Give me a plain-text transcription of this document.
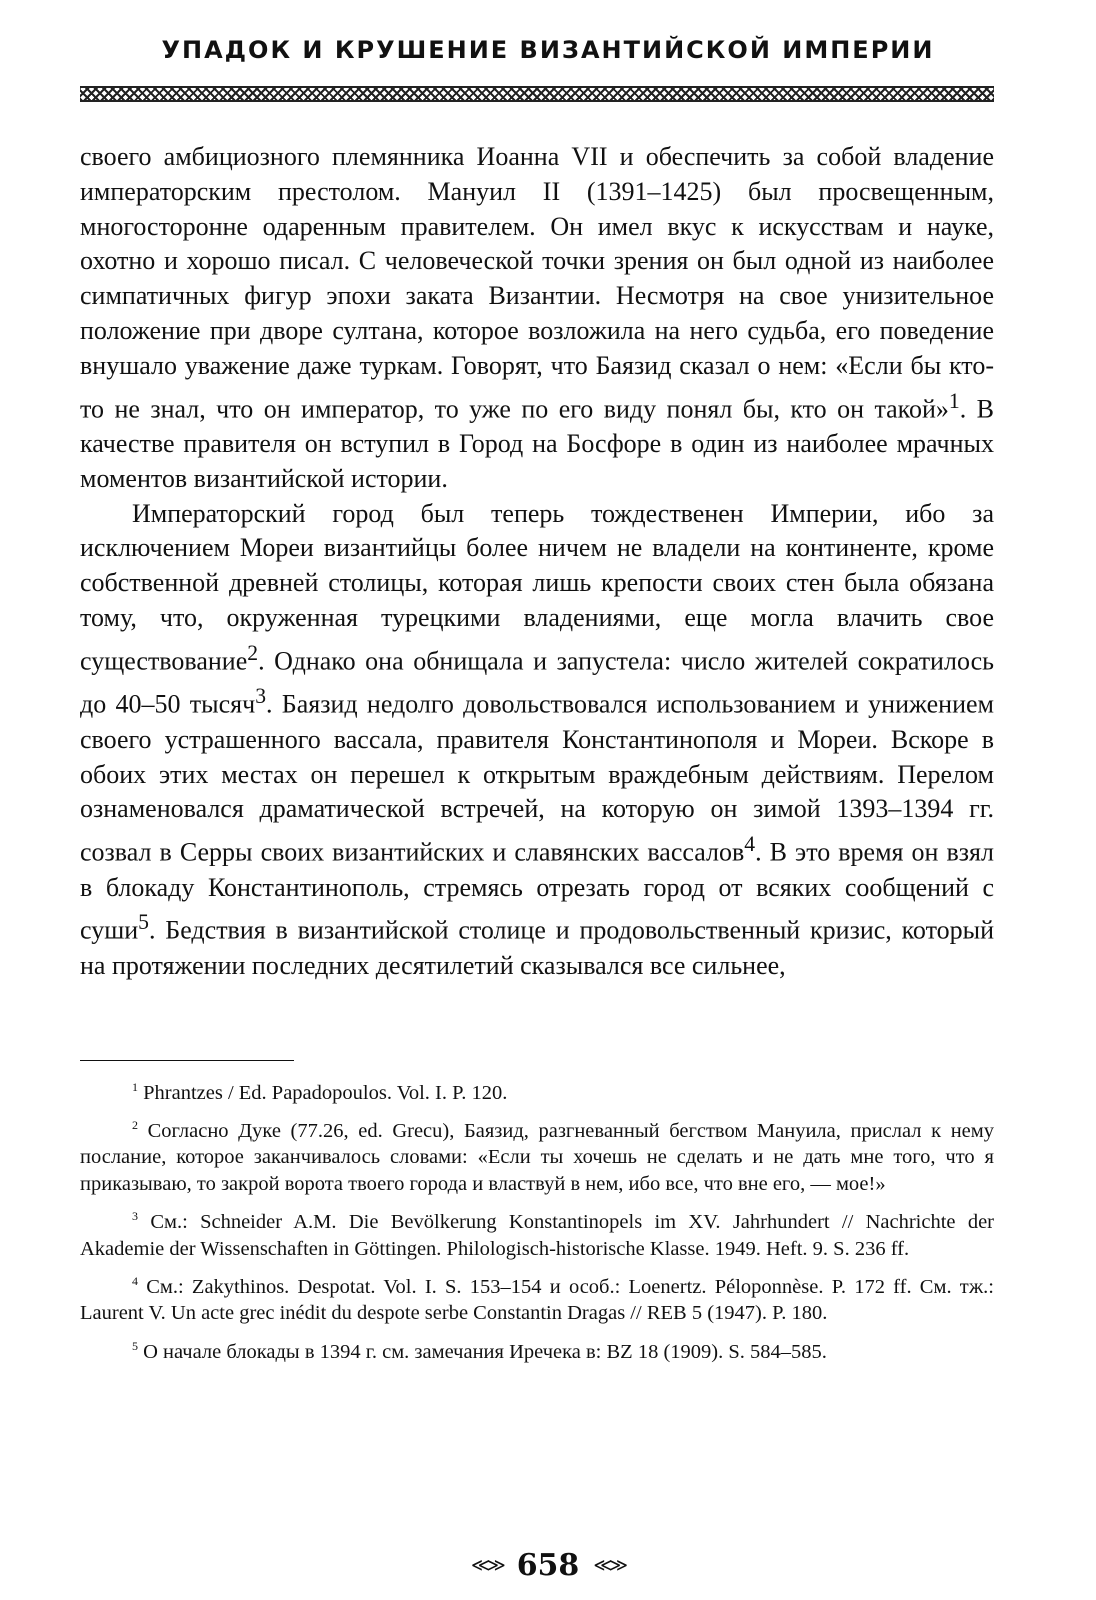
УПАДОК И КРУШЕНИЕ ВИЗАНТИЙСКОЙ ИМПЕРИИ

своего амбициозного племянника Иоанна VII и обеспечить за собой владение императорским престолом. Мануил II (1391–1425) был просвещенным, многосторонне одаренным правителем. Он имел вкус к искусствам и науке, охотно и хорошо писал. С человеческой точки зрения он был одной из наиболее симпатичных фигур эпохи заката Византии. Несмотря на свое унизительное положение при дворе султана, которое возложила на него судьба, его поведение внушало уважение даже туркам. Говорят, что Баязид сказал о нем: «Если бы кто-то не знал, что он император, то уже по его виду понял бы, кто он такой»$^1$. В качестве правителя он вступил в Город на Босфоре в один из наиболее мрачных моментов византийской истории.

Императорский город был теперь тождественен Империи, ибо за исключением Мореи византийцы более ничем не владели на континенте, кроме собственной древней столицы, которая лишь крепости своих стен была обязана тому, что, окруженная турецкими владениями, еще могла влачить свое существование$^2$. Однако она обнищала и запустела: число жителей сократилось до 40–50 тысяч$^3$. Баязид недолго довольствовался использованием и унижением своего устрашенного вассала, правителя Константинополя и Мореи. Вскоре в обоих этих местах он перешел к открытым враждебным действиям. Перелом ознаменовался драматической встречей, на которую он зимой 1393–1394 гг. созвал в Серры своих византийских и славянских вассалов$^4$. В это время он взял в блокаду Константинополь, стремясь отрезать город от всяких сообщений с суши$^5$. Бедствия в византийской столице и продовольственный кризис, который на протяжении последних десятилетий сказывался все сильнее,

$^1$ Phrantzes / Ed. Papadopoulos. Vol. I. P. 120.

$^2$ Согласно Дуке (77.26, ed. Grecu), Баязид, разгневанный бегством Мануила, прислал к нему послание, которое заканчивалось словами: «Если ты хочешь не сделать и не дать мне того, что я приказываю, то закрой ворота твоего города и властвуй в нем, ибо все, что вне его, — мое!»

$^3$ См.: Schneider A.M. Die Bevölkerung Konstantinopels im XV. Jahrhundert // Nachrichte der Akademie der Wissenschaften in Göttingen. Philologisch-historische Klasse. 1949. Heft. 9. S. 236 ff.

$^4$ См.: Zakythinos. Despotat. Vol. I. S. 153–154 и особ.: Loenertz. Péloponnèse. P. 172 ff. См. тж.: Laurent V. Un acte grec inédit du despote serbe Constantin Dragas // REB 5 (1947). P. 180.

$^5$ О начале блокады в 1394 г. см. замечания Иречека в: BZ 18 (1909). S. 584–585.

≪≫ 658 ≪≫
